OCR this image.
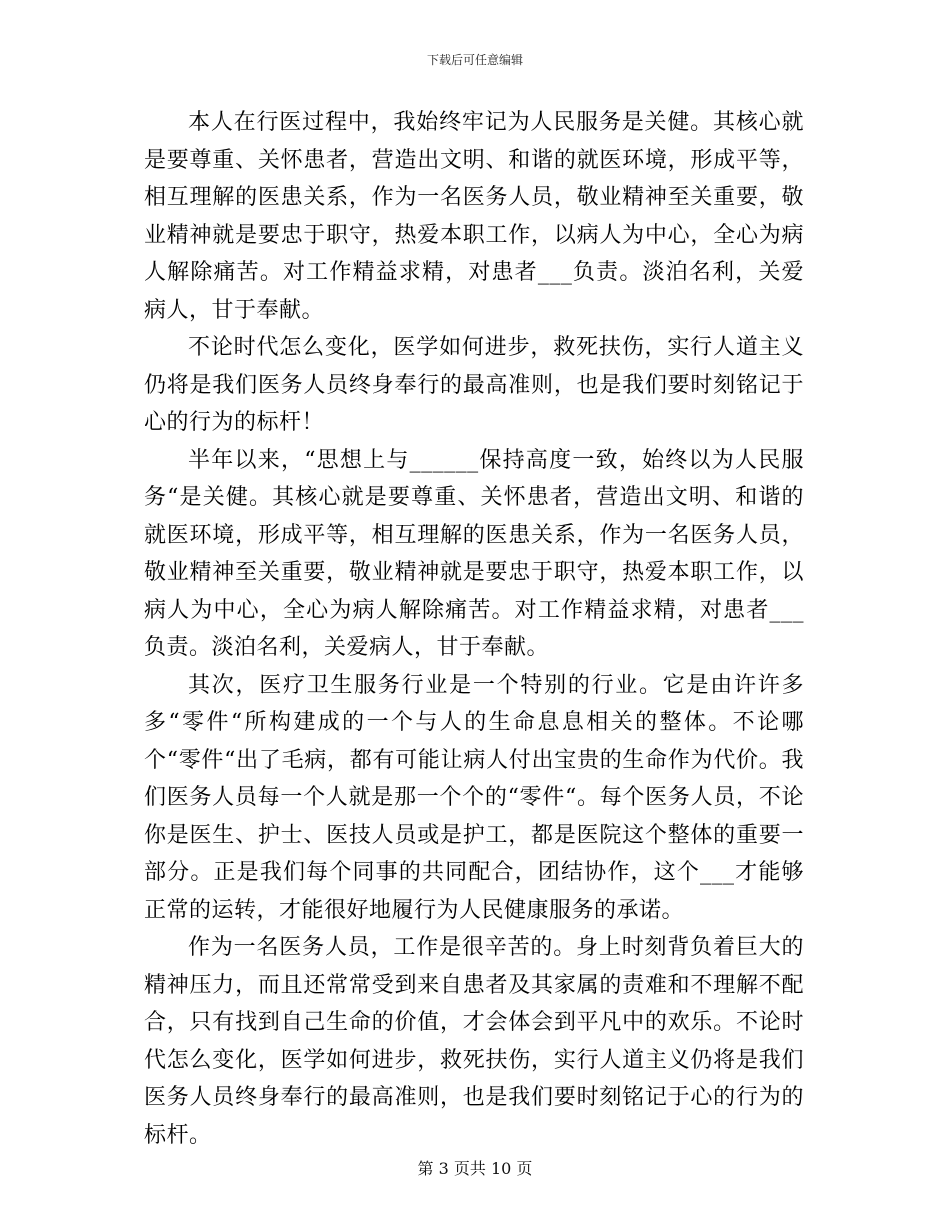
下载后可任意编辑

本人在行医过程中，我始终牢记为人民服务是关健。其核心就是要尊重、关怀患者，营造出文明、和谐的就医环境，形成平等，相互理解的医患关系，作为一名医务人员，敬业精神至关重要，敬业精神就是要忠于职守，热爱本职工作，以病人为中心，全心为病人解除痛苦。对工作精益求精，对患者___负责。淡泊名利，关爱病人，甘于奉献。

不论时代怎么变化，医学如何进步，救死扶伤，实行人道主义仍将是我们医务人员终身奉行的最高准则，也是我们要时刻铭记于心的行为的标杆！

半年以来，“思想上与______保持高度一致，始终以为人民服务“是关健。其核心就是要尊重、关怀患者，营造出文明、和谐的就医环境，形成平等，相互理解的医患关系，作为一名医务人员，敬业精神至关重要，敬业精神就是要忠于职守，热爱本职工作，以病人为中心，全心为病人解除痛苦。对工作精益求精，对患者___负责。淡泊名利，关爱病人，甘于奉献。

其次，医疗卫生服务行业是一个特别的行业。它是由许许多多“零件“所构建成的一个与人的生命息息相关的整体。不论哪个“零件“出了毛病，都有可能让病人付出宝贵的生命作为代价。我们医务人员每一个人就是那一个个的“零件“。每个医务人员，不论你是医生、护士、医技人员或是护工，都是医院这个整体的重要一部分。正是我们每个同事的共同配合，团结协作，这个___才能够正常的运转，才能很好地履行为人民健康服务的承诺。

作为一名医务人员，工作是很辛苦的。身上时刻背负着巨大的精神压力，而且还常常受到来自患者及其家属的责难和不理解不配合，只有找到自己生命的价值，才会体会到平凡中的欢乐。不论时代怎么变化，医学如何进步，救死扶伤，实行人道主义仍将是我们医务人员终身奉行的最高准则，也是我们要时刻铭记于心的行为的标杆。

第 3 页共 10 页
